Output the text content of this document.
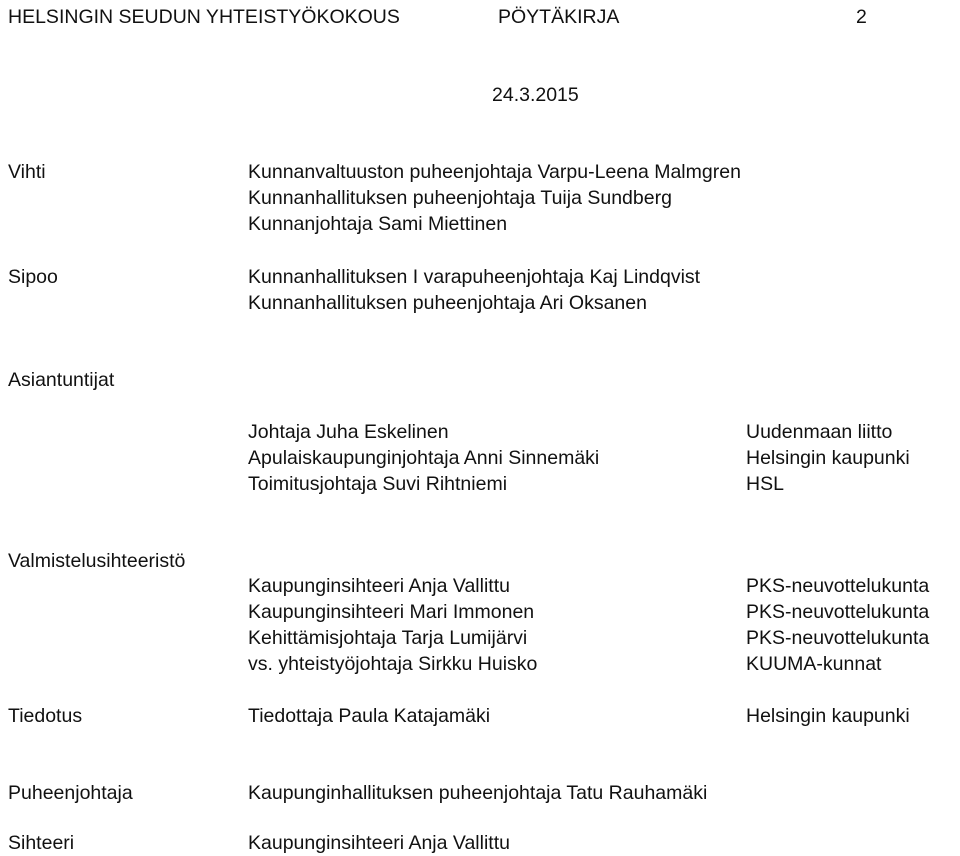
HELSINGIN SEUDUN YHTEISTYÖKOKOUS	PÖYTÄKIRJA	2
24.3.2015
Vihti	Kunnanvaltuuston puheenjohtaja Varpu-Leena Malmgren
Kunnanhallituksen puheenjohtaja Tuija Sundberg
Kunnanjohtaja Sami Miettinen
Sipoo	Kunnanhallituksen I varapuheenjohtaja Kaj Lindqvist
Kunnanhallituksen puheenjohtaja Ari Oksanen
Asiantuntijat
Johtaja Juha Eskelinen	Uudenmaan liitto
Apulaiskaupunginjohtaja Anni Sinnemäki	Helsingin kaupunki
Toimitusjohtaja Suvi Rihtniemi	HSL
Valmistelusihteeristö
Kaupunginsihteeri Anja Vallittu	PKS-neuvottelukunta
Kaupunginsihteeri Mari Immonen	PKS-neuvottelukunta
Kehittämisjohtaja Tarja Lumijärvi	PKS-neuvottelukunta
vs. yhteistyöjohtaja Sirkku Huisko	KUUMA-kunnat
Tiedotus	Tiedottaja Paula Katajamäki	Helsingin kaupunki
Puheenjohtaja	Kaupunginhallituksen puheenjohtaja Tatu Rauhamäki
Sihteeri	Kaupunginsihteeri Anja Vallittu
